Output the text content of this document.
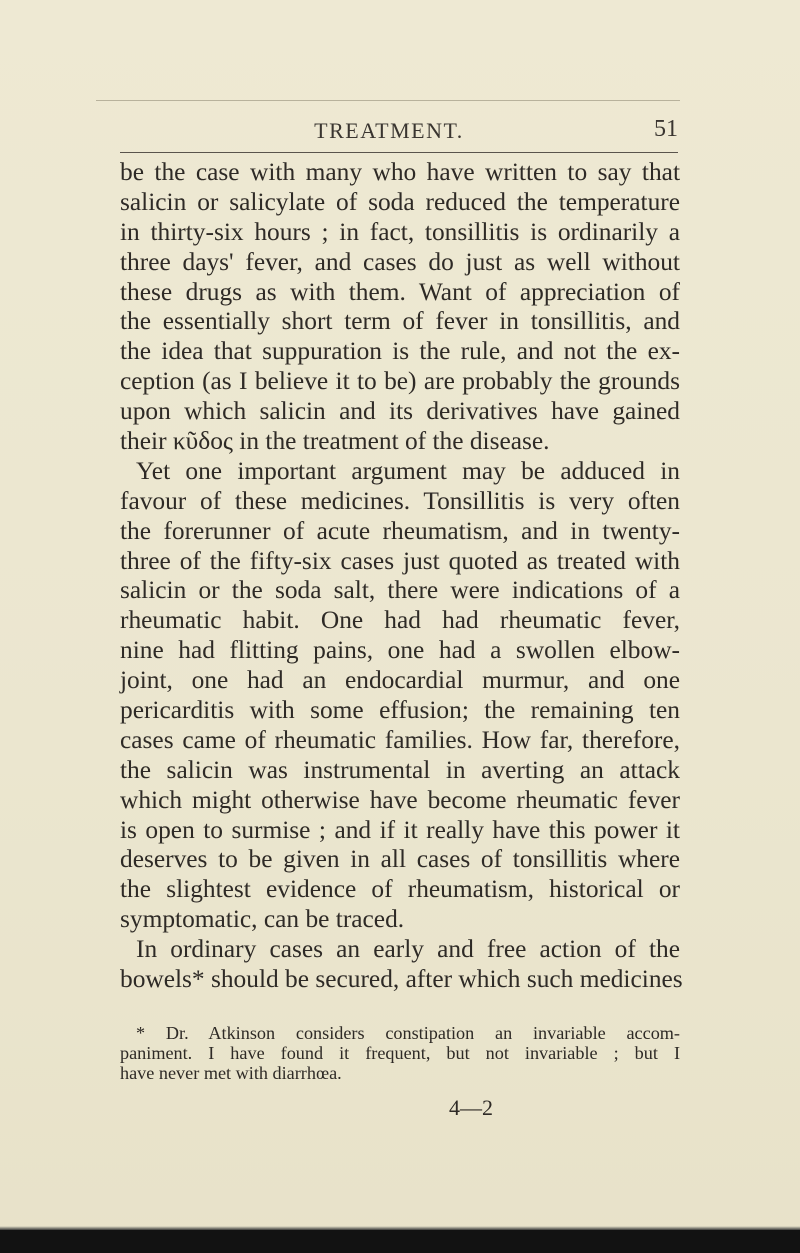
TREATMENT.	51
be the case with many who have written to say that
salicin or salicylate of soda reduced the temperature
in thirty-six hours ; in fact, tonsillitis is ordinarily a
three days' fever, and cases do just as well without
these drugs as with them. Want of appreciation of
the essentially short term of fever in tonsillitis, and
the idea that suppuration is the rule, and not the ex-
ception (as I believe it to be) are probably the grounds
upon which salicin and its derivatives have gained
their κῦδος in the treatment of the disease.
Yet one important argument may be adduced in
favour of these medicines. Tonsillitis is very often
the forerunner of acute rheumatism, and in twenty-
three of the fifty-six cases just quoted as treated with
salicin or the soda salt, there were indications of a
rheumatic habit. One had had rheumatic fever,
nine had flitting pains, one had a swollen elbow-
joint, one had an endocardial murmur, and one
pericarditis with some effusion; the remaining ten
cases came of rheumatic families. How far, therefore,
the salicin was instrumental in averting an attack
which might otherwise have become rheumatic fever
is open to surmise ; and if it really have this power it
deserves to be given in all cases of tonsillitis where
the slightest evidence of rheumatism, historical or
symptomatic, can be traced.
In ordinary cases an early and free action of the
bowels* should be secured, after which such medicines
* Dr. Atkinson considers constipation an invariable accom-
paniment. I have found it frequent, but not invariable ; but I
have never met with diarrhœa.
4—2
